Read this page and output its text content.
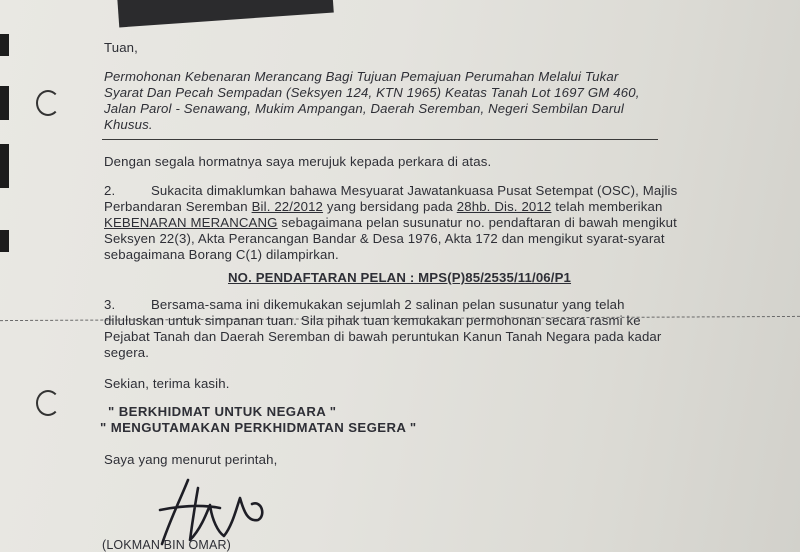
Tuan,
Permohonan Kebenaran Merancang Bagi Tujuan Pemajuan Perumahan Melalui Tukar
Syarat Dan Pecah Sempadan (Seksyen 124, KTN 1965) Keatas Tanah Lot 1697 GM 460,
Jalan Parol - Senawang, Mukim Ampangan, Daerah Seremban, Negeri Sembilan Darul
Khusus.
Dengan segala hormatnya saya merujuk kepada perkara di atas.
2.	Sukacita dimaklumkan bahawa Mesyuarat Jawatankuasa Pusat Setempat (OSC), Majlis
Perbandaran Seremban Bil. 22/2012 yang bersidang pada 28hb. Dis. 2012 telah memberikan
KEBENARAN MERANCANG sebagaimana pelan susunatur no. pendaftaran di bawah mengikut
Seksyen 22(3), Akta Perancangan Bandar & Desa 1976, Akta 172 dan mengikut syarat-syarat
sebagaimana Borang C(1) dilampirkan.
NO. PENDAFTARAN PELAN : MPS(P)85/2535/11/06/P1
3.	Bersama-sama ini dikemukakan sejumlah 2 salinan pelan susunatur yang telah
diluluskan untuk simpanan tuan. Sila pihak tuan kemukakan permohonan secara rasmi ke
Pejabat Tanah dan Daerah Seremban di bawah peruntukan Kanun Tanah Negara pada kadar
segera.
Sekian, terima kasih.
" BERKHIDMAT UNTUK NEGARA "
" MENGUTAMAKAN PERKHIDMATAN SEGERA "
Saya yang menurut perintah,
(LOKMAN BIN OMAR)
